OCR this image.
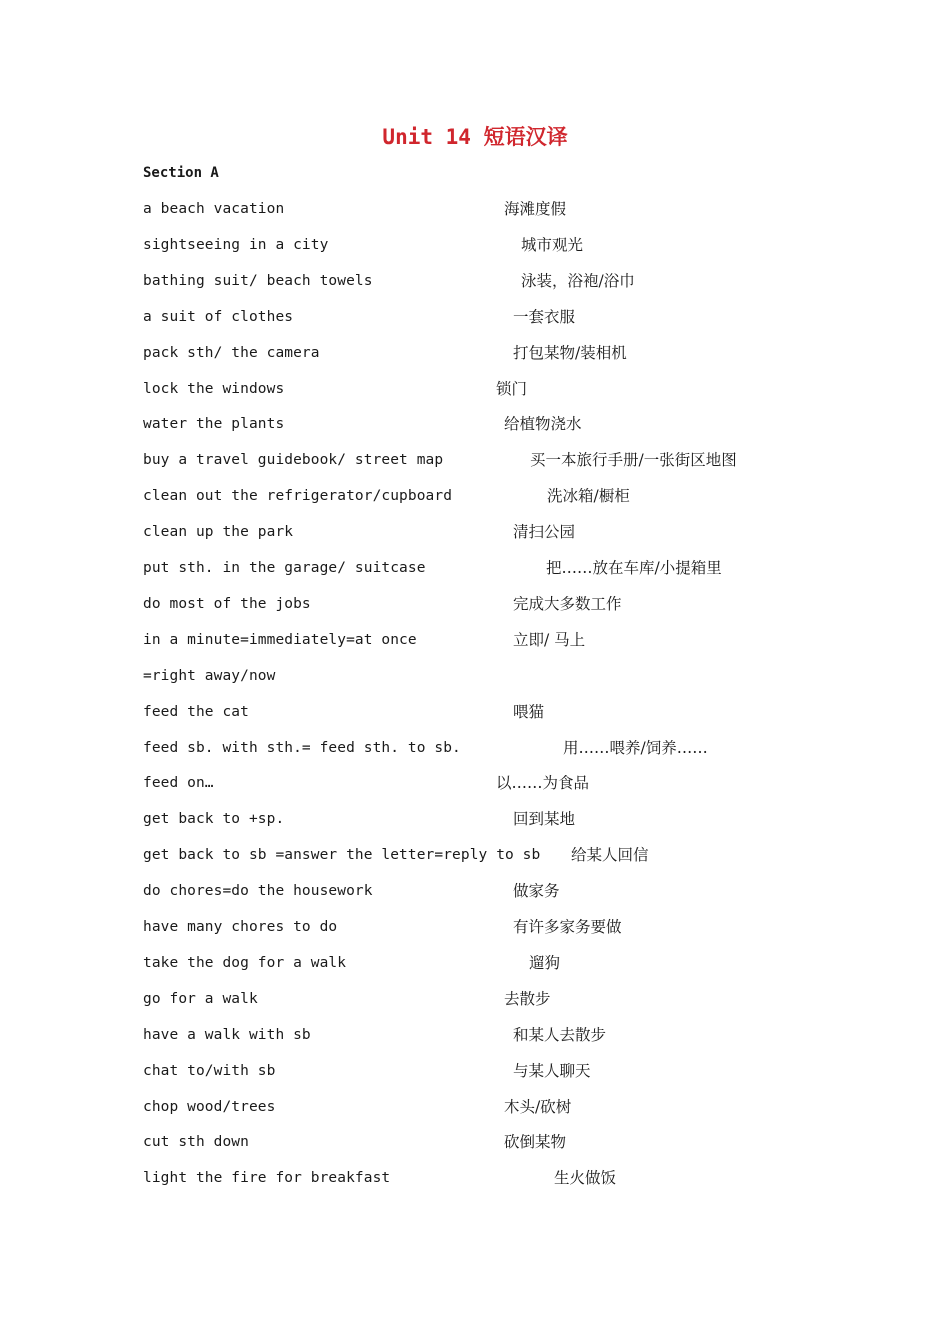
Unit 14 短语汉译
Section A
a beach vacation	海滩度假
sightseeing in a city	城市观光
bathing suit/ beach towels	泳装，浴袍/浴巾
a suit of clothes	一套衣服
pack sth/ the camera	打包某物/装相机
lock the windows	锁门
water the plants	给植物浇水
buy a travel guidebook/ street map	买一本旅行手册/一张街区地图
clean out the refrigerator/cupboard	洗冰箱/橱柜
clean up the park	清扫公园
put sth. in the garage/ suitcase	把……放在车库/小提箱里
do most of the jobs	完成大多数工作
in a minute=immediately=at once	立即/ 马上
=right away/now
feed the cat	喂猫
feed sb. with sth.= feed sth. to sb.	用……喂养/饲养……
feed on…	以……为食品
get back to +sp.	回到某地
get back to sb =answer the letter=reply to sb 给某人回信
do chores=do the housework	做家务
have many chores to do	有许多家务要做
take the dog for a walk	遛狗
go for a walk	去散步
have a walk with sb	和某人去散步
chat to/with sb	与某人聊天
chop wood/trees	木头/砍树
cut sth down	砍倒某物
light the fire for breakfast	生火做饭
